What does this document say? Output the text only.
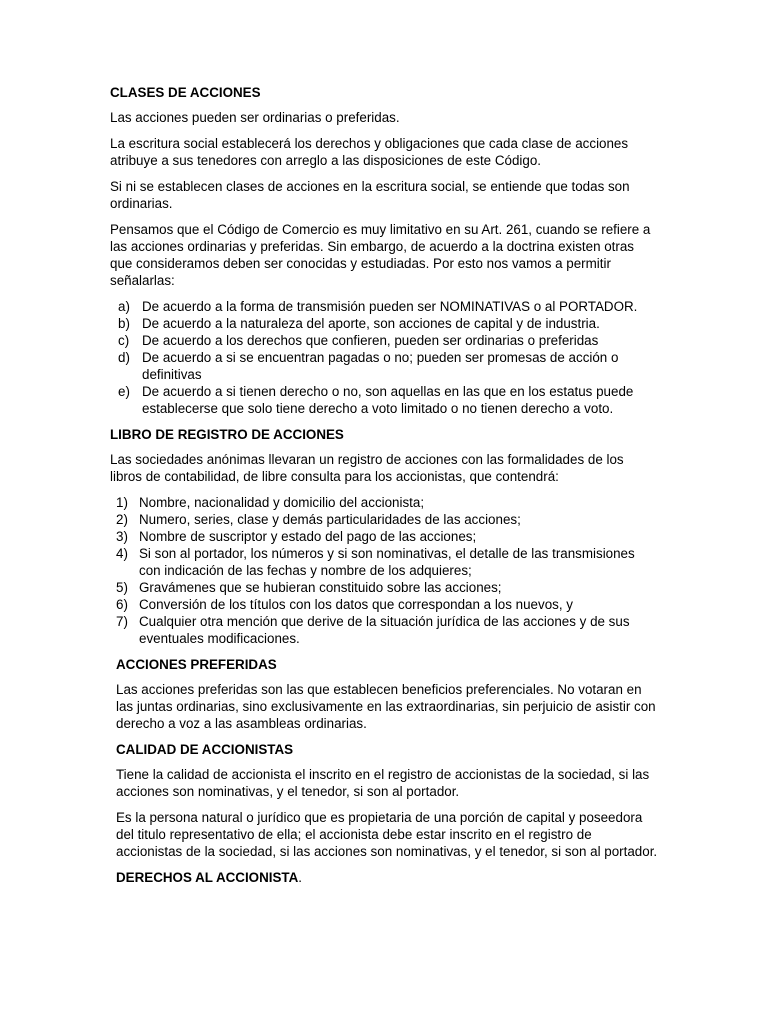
CLASES DE ACCIONES

Las acciones pueden ser ordinarias o preferidas.

La escritura social establecerá los derechos y obligaciones que cada clase de acciones atribuye a sus tenedores con arreglo a las disposiciones de este Código.

Si ni se establecen clases de acciones en la escritura social, se entiende que todas son ordinarias.

Pensamos que el Código de Comercio es muy limitativo en su Art. 261, cuando se refiere a las acciones ordinarias y preferidas. Sin embargo, de acuerdo a la doctrina existen otras que consideramos deben ser conocidas y estudiadas. Por esto nos vamos a permitir señalarlas:

a) De acuerdo a la forma de transmisión pueden ser NOMINATIVAS o al PORTADOR.
b) De acuerdo a la naturaleza del aporte, son acciones de capital y de industria.
c) De acuerdo a los derechos que confieren, pueden ser ordinarias o preferidas
d) De acuerdo a si se encuentran pagadas o no; pueden ser promesas de acción o definitivas
e) De acuerdo a si tienen derecho o no, son aquellas en las que en los estatus puede establecerse que solo tiene derecho a voto limitado o no tienen derecho a voto.
LIBRO DE REGISTRO DE ACCIONES

Las sociedades anónimas llevaran un registro de acciones con las formalidades de los libros de contabilidad, de libre consulta para los accionistas, que contendrá:

1) Nombre, nacionalidad y domicilio del accionista;
2) Numero, series, clase y demás particularidades de las acciones;
3) Nombre de suscriptor y estado del pago de las acciones;
4) Si son al portador, los números y si son nominativas, el detalle de las transmisiones con indicación de las fechas y nombre de los adquieres;
5) Gravámenes que se hubieran constituido sobre las acciones;
6) Conversión de los títulos con los datos que correspondan a los nuevos, y
7) Cualquier otra mención que derive de la situación jurídica de las acciones y de sus eventuales modificaciones.
ACCIONES PREFERIDAS

Las acciones preferidas son las que establecen beneficios preferenciales. No votaran en las juntas ordinarias, sino exclusivamente en las extraordinarias, sin perjuicio de asistir con derecho a voz a las asambleas ordinarias.

CALIDAD DE ACCIONISTAS

Tiene la calidad de accionista el inscrito en el registro de accionistas de la sociedad, si las acciones son nominativas, y el tenedor, si son al portador.

Es la persona natural o jurídico que es propietaria de una porción de capital y poseedora del titulo representativo de ella; el accionista debe estar inscrito en el registro de accionistas de la sociedad, si las acciones son nominativas, y el tenedor, si son al portador.

DERECHOS AL ACCIONISTA.
